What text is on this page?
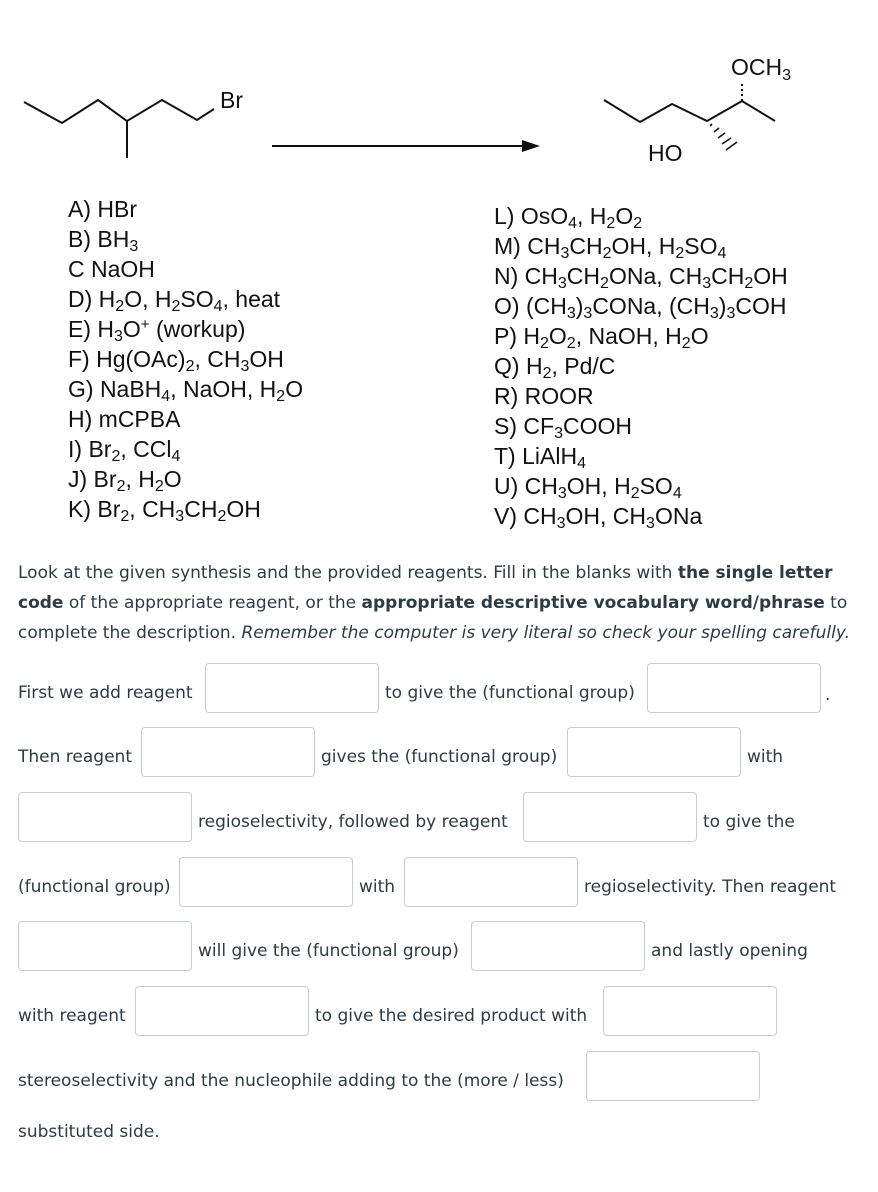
Br
$OCH_3$
HO
A) HBr
B) $BH_3$
C NaOH
D) $H_2O$, $H_2SO_4$, heat
E) $H_3O^+$ (workup)
F) $Hg(OAc)_2$, $CH_3OH$
G) NaBH$_4$, NaOH, $H_2O$
H) mCPBA
I) $Br_2$, CCl$_4$
J) $Br_2$, $H_2O$
K) $Br_2$, $CH_3CH_2OH$
L) OsO$_4$, $H_2O_2$
M) $CH_3CH_2OH$, $H_2SO_4$
N) $CH_3CH_2ONa$, $CH_3CH_2OH$
O) $(CH_3)_3CONa$, $(CH_3)_3COH$
P) $H_2O_2$, NaOH, $H_2O$
Q) $H_2$, Pd/C
R) ROOR
S) $CF_3COOH$
T) LiAlH$_4$
U) $CH_3OH$, $H_2SO_4$
V) $CH_3OH$, $CH_3ONa$
Look at the given synthesis and the provided reagents. Fill in the blanks with the single letter code of the appropriate reagent, or the appropriate descriptive vocabulary word/phrase to complete the description. Remember the computer is very literal so check your spelling carefully.
First we add reagent	to give the (functional group)	.
Then reagent	gives the (functional group)	with
regioselectivity, followed by reagent	to give the
(functional group)	with	regioselectivity. Then reagent
will give the (functional group)	and lastly opening
with reagent	to give the desired product with
stereoselectivity and the nucleophile adding to the (more / less)
substituted side.
